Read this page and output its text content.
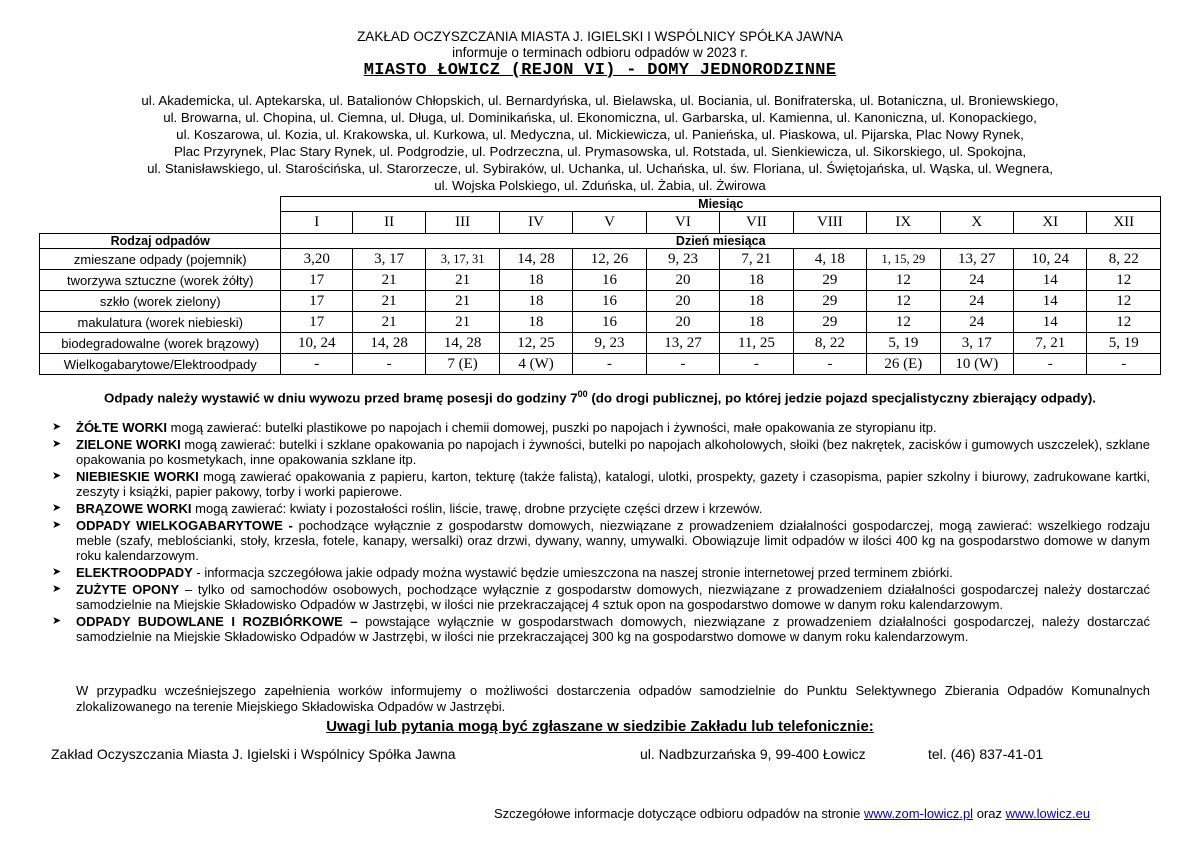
ZAKŁAD OCZYSZCZANIA MIASTA J. IGIELSKI I WSPÓLNICY SPÓŁKA JAWNA
informuje o terminach odbioru odpadów w 2023 r.
MIASTO ŁOWICZ (REJON VI) - DOMY JEDNORODZINNE
ul. Akademicka, ul. Aptekarska, ul. Batalionów Chłopskich, ul. Bernardyńska, ul. Bielawska, ul. Bociania, ul. Bonifraterska, ul. Botaniczna, ul. Broniewskiego,
ul. Browarna, ul. Chopina, ul. Ciemna, ul. Długa, ul. Dominikańska, ul. Ekonomiczna, ul. Garbarska, ul. Kamienna, ul. Kanoniczna, ul. Konopackiego,
ul. Koszarowa, ul. Kozia, ul. Krakowska, ul. Kurkowa, ul. Medyczna, ul. Mickiewicza, ul. Panieńska, ul. Piaskowa, ul. Pijarska, Plac Nowy Rynek,
Plac Przyrynek, Plac Stary Rynek, ul. Podgrodzie, ul. Podrzeczna, ul. Prymasowska, ul. Rotstada, ul. Sienkiewicza, ul. Sikorskiego, ul. Spokojna,
ul. Stanisławskiego, ul. Starościńska, ul. Starorzecze, ul. Sybiraków, ul. Uchanka, ul. Uchańska, ul. św. Floriana, ul. Świętojańska, ul. Wąska, ul. Wegnera,
ul. Wojska Polskiego, ul. Zduńska, ul. Żabia, ul. Żwirowa
	Miesiąc											
	I	II	III	IV	V	VI	VII	VIII	IX	X	XI	XII
Rodzaj odpadów	Dzień miesiąca											
zmieszane odpady (pojemnik)	3,20	3, 17	3, 17, 31	14, 28	12, 26	9, 23	7, 21	4, 18	1, 15, 29	13, 27	10, 24	8, 22
tworzywa sztuczne (worek żółty)	17	21	21	18	16	20	18	29	12	24	14	12
szkło (worek zielony)	17	21	21	18	16	20	18	29	12	24	14	12
makulatura (worek niebieski)	17	21	21	18	16	20	18	29	12	24	14	12
biodegradowalne (worek brązowy)	10, 24	14, 28	14, 28	12, 25	9, 23	13, 27	11, 25	8, 22	5, 19	3, 17	7, 21	5, 19
Wielkogabarytowe/Elektroodpady	-	-	7 (E)	4 (W)	-	-	-	-	26 (E)	10 (W)	-	-
Odpady należy wystawić w dniu wywozu przed bramę posesji do godziny $7^{00}$ (do drogi publicznej, po której jedzie pojazd specjalistyczny zbierający odpady).
➤ ŻÓŁTE WORKI mogą zawierać: butelki plastikowe po napojach i chemii domowej, puszki po napojach i żywności, małe opakowania ze styropianu itp.
➤ ZIELONE WORKI mogą zawierać: butelki i szklane opakowania po napojach i żywności, butelki po napojach alkoholowych, słoiki (bez nakrętek, zacisków i gumowych uszczelek), szklane opakowania po kosmetykach, inne opakowania szklane itp.
➤ NIEBIESKIE WORKI mogą zawierać opakowania z papieru, karton, tekturę (także falistą), katalogi, ulotki, prospekty, gazety i czasopisma, papier szkolny i biurowy, zadrukowane kartki, zeszyty i książki, papier pakowy, torby i worki papierowe.
➤ BRĄZOWE WORKI mogą zawierać: kwiaty i pozostałości roślin, liście, trawę, drobne przycięte części drzew i krzewów.
➤ ODPADY WIELKOGABARYTOWE - pochodzące wyłącznie z gospodarstw domowych, niezwiązane z prowadzeniem działalności gospodarczej, mogą zawierać: wszelkiego rodzaju meble (szafy, meblościanki, stoły, krzesła, fotele, kanapy, wersalki) oraz drzwi, dywany, wanny, umywalki. Obowiązuje limit odpadów w ilości 400 kg na gospodarstwo domowe w danym roku kalendarzowym.
➤ ELEKTROODPADY - informacja szczegółowa jakie odpady można wystawić będzie umieszczona na naszej stronie internetowej przed terminem zbiórki.
➤ ZUŻYTE OPONY – tylko od samochodów osobowych, pochodzące wyłącznie z gospodarstw domowych, niezwiązane z prowadzeniem działalności gospodarczej należy dostarczać samodzielnie na Miejskie Składowisko Odpadów w Jastrzębi, w ilości nie przekraczającej 4 sztuk opon na gospodarstwo domowe w danym roku kalendarzowym.
➤ ODPADY BUDOWLANE I ROZBIÓRKOWE – powstające wyłącznie w gospodarstwach domowych, niezwiązane z prowadzeniem działalności gospodarczej, należy dostarczać samodzielnie na Miejskie Składowisko Odpadów w Jastrzębi, w ilości nie przekraczającej 300 kg na gospodarstwo domowe w danym roku kalendarzowym.
W przypadku wcześniejszego zapełnienia worków informujemy o możliwości dostarczenia odpadów samodzielnie do Punktu Selektywnego Zbierania Odpadów Komunalnych zlokalizowanego na terenie Miejskiego Składowiska Odpadów w Jastrzębi.
Uwagi lub pytania mogą być zgłaszane w siedzibie Zakładu lub telefonicznie:
Zakład Oczyszczania Miasta J. Igielski i Wspólnicy Spółka Jawna	ul. Nadbzurzańska 9, 99-400 Łowicz	tel. (46) 837-41-01
Szczegółowe informacje dotyczące odbioru odpadów na stronie www.zom-lowicz.pl oraz www.lowicz.eu
